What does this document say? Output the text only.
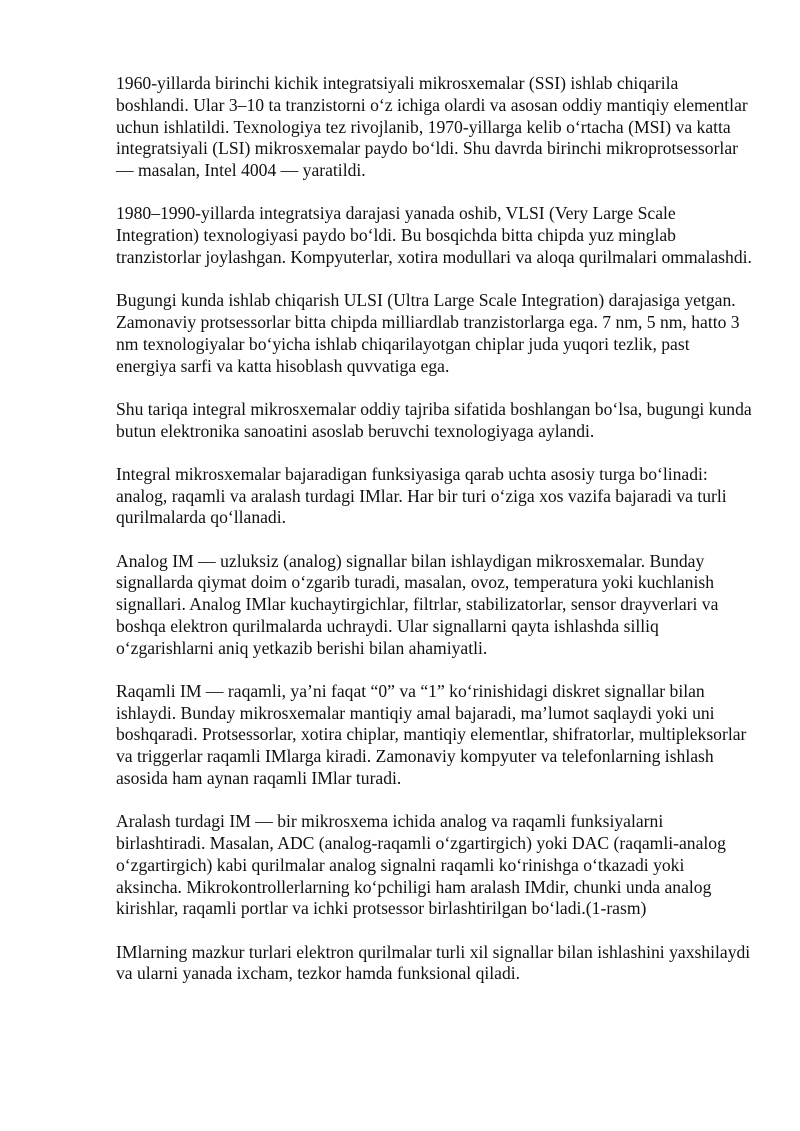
1960-yillarda birinchi kichik integratsiyali mikrosxemalar (SSI) ishlab chiqarila boshlandi. Ular 3–10 ta tranzistorni o‘z ichiga olardi va asosan oddiy mantiqiy elementlar uchun ishlatildi. Texnologiya tez rivojlanib, 1970-yillarga kelib o‘rtacha (MSI) va katta integratsiyali (LSI) mikrosxemalar paydo bo‘ldi. Shu davrda birinchi mikroprotsessorlar — masalan, Intel 4004 — yaratildi.

1980–1990-yillarda integratsiya darajasi yanada oshib, VLSI (Very Large Scale Integration) texnologiyasi paydo bo‘ldi. Bu bosqichda bitta chipda yuz minglab tranzistorlar joylashgan. Kompyuterlar, xotira modullari va aloqa qurilmalari ommalashdi.

Bugungi kunda ishlab chiqarish ULSI (Ultra Large Scale Integration) darajasiga yetgan. Zamonaviy protsessorlar bitta chipda milliardlab tranzistorlarga ega. 7 nm, 5 nm, hatto 3 nm texnologiyalar bo‘yicha ishlab chiqarilayotgan chiplar juda yuqori tezlik, past energiya sarfi va katta hisoblash quvvatiga ega.

Shu tariqa integral mikrosxemalar oddiy tajriba sifatida boshlangan bo‘lsa, bugungi kunda butun elektronika sanoatini asoslab beruvchi texnologiyaga aylandi.

Integral mikrosxemalar bajaradigan funksiyasiga qarab uchta asosiy turga bo‘linadi: analog, raqamli va aralash turdagi IMlar. Har bir turi o‘ziga xos vazifa bajaradi va turli qurilmalarda qo‘llanadi.

Analog IM — uzluksiz (analog) signallar bilan ishlaydigan mikrosxemalar. Bunday signallarda qiymat doim o‘zgarib turadi, masalan, ovoz, temperatura yoki kuchlanish signallari. Analog IMlar kuchaytirgichlar, filtrlar, stabilizatorlar, sensor drayverlari va boshqa elektron qurilmalarda uchraydi. Ular signallarni qayta ishlashda silliq o‘zgarishlarni aniq yetkazib berishi bilan ahamiyatli.

Raqamli IM — raqamli, ya’ni faqat “0” va “1” ko‘rinishidagi diskret signallar bilan ishlaydi. Bunday mikrosxemalar mantiqiy amal bajaradi, ma’lumot saqlaydi yoki uni boshqaradi. Protsessorlar, xotira chiplar, mantiqiy elementlar, shifratorlar, multipleksorlar va triggerlar raqamli IMlarga kiradi. Zamonaviy kompyuter va telefonlarning ishlash asosida ham aynan raqamli IMlar turadi.

Aralash turdagi IM — bir mikrosxema ichida analog va raqamli funksiyalarni birlashtiradi. Masalan, ADC (analog-raqamli o‘zgartirgich) yoki DAC (raqamli-analog o‘zgartirgich) kabi qurilmalar analog signalni raqamli ko‘rinishga o‘tkazadi yoki aksincha. Mikrokontrollerlarning ko‘pchiligi ham aralash IMdir, chunki unda analog kirishlar, raqamli portlar va ichki protsessor birlashtirilgan bo‘ladi.(1-rasm)

IMlarning mazkur turlari elektron qurilmalar turli xil signallar bilan ishlashini yaxshilaydi va ularni yanada ixcham, tezkor hamda funksional qiladi.
